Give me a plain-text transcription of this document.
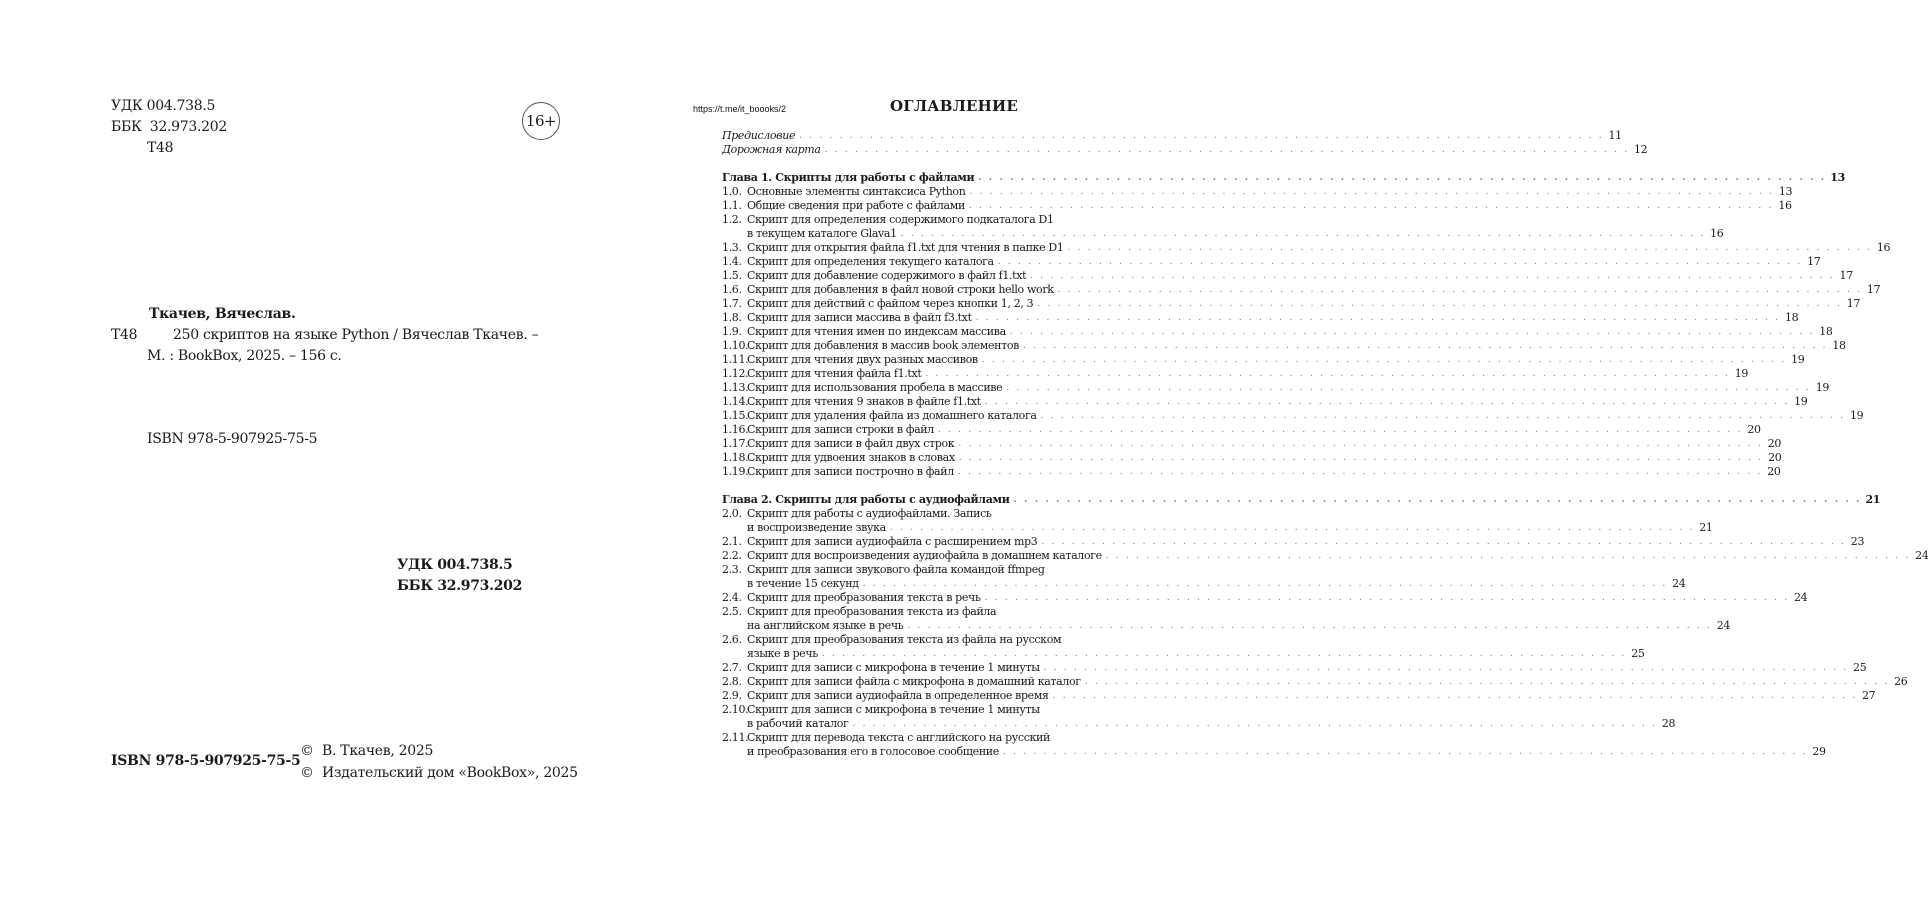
УДК 004.738.5
ББК  32.973.202
Т48
16+
Ткачев, Вячеслав.
Т48	250 скриптов на языке Python / Вячеслав Ткачев. –
М. : BookBox, 2025. – 156 с.
ISBN 978-5-907925-75-5
УДК 004.738.5
ББК 32.973.202
ISBN 978-5-907925-75-5
©  В. Ткачев, 2025
©  Издательский дом «BookBox», 2025
https://t.me/it_boooks/2	ОГЛАВЛЕНИЕ
Предисловие . . . . . . . . . . . . . . . . . . . . . . . . . . . . . . . . . . . . . . . . . . . . . . . . . . . . . . . . . . . . . . . . . . . . . . . . . . . . . . . . 11
Дорожная карта . . . . . . . . . . . . . . . . . . . . . . . . . . . . . . . . . . . . . . . . . . . . . . . . . . . . . . . . . . . . . . . . . . . . . . . . . . . . . . . . 12
Глава 1. Скрипты для работы с файлами . . . . . . . . . . . . . . . . . . . . . . . . . . . . . . . . . . . . . . . . . . . . . . . . . . . . . . . . . . . . . . . . . . . . . . . . . . . . . . . . 13
1.0. Основные элементы синтаксиса Python . . . . . . . . . . . . . . . . . . . . . . . . . . . . . . . . . . . . . . . . . . . . . . . . . . . . . . . . . . . . . . . . . . . . . . . . . . . . . . . . 13
1.1. Общие сведения при работе с файлами . . . . . . . . . . . . . . . . . . . . . . . . . . . . . . . . . . . . . . . . . . . . . . . . . . . . . . . . . . . . . . . . . . . . . . . . . . . . . . . . 16
1.2. Скрипт для определения содержимого подкаталога D1
в текущем каталоге Glava1 . . . . . . . . . . . . . . . . . . . . . . . . . . . . . . . . . . . . . . . . . . . . . . . . . . . . . . . . . . . . . . . . . . . . . . . . . . . . . . . . 16
1.3. Скрипт для открытия файла f1.txt для чтения в папке D1 . . . . . . . . . . . . . . . . . . . . . . . . . . . . . . . . . . . . . . . . . . . . . . . . . . . . . . . . . . . . . . . . . . . . . . . . . . . . . . . . 16
1.4. Скрипт для определения текущего каталога . . . . . . . . . . . . . . . . . . . . . . . . . . . . . . . . . . . . . . . . . . . . . . . . . . . . . . . . . . . . . . . . . . . . . . . . . . . . . . . . 17
1.5. Скрипт для добавление содержимого в файл f1.txt . . . . . . . . . . . . . . . . . . . . . . . . . . . . . . . . . . . . . . . . . . . . . . . . . . . . . . . . . . . . . . . . . . . . . . . . . . . . . . . . 17
1.6. Скрипт для добавления в файл новой строки hello work . . . . . . . . . . . . . . . . . . . . . . . . . . . . . . . . . . . . . . . . . . . . . . . . . . . . . . . . . . . . . . . . . . . . . . . . . . . . . . . . 17
1.7. Скрипт для действий с файлом через кнопки 1, 2, 3 . . . . . . . . . . . . . . . . . . . . . . . . . . . . . . . . . . . . . . . . . . . . . . . . . . . . . . . . . . . . . . . . . . . . . . . . . . . . . . . . 17
1.8. Скрипт для записи массива в файл f3.txt . . . . . . . . . . . . . . . . . . . . . . . . . . . . . . . . . . . . . . . . . . . . . . . . . . . . . . . . . . . . . . . . . . . . . . . . . . . . . . . . 18
1.9. Скрипт для чтения имен по индексам массива . . . . . . . . . . . . . . . . . . . . . . . . . . . . . . . . . . . . . . . . . . . . . . . . . . . . . . . . . . . . . . . . . . . . . . . . . . . . . . . . 18
1.10.
Скрипт для добавления в массив book элементов . . . . . . . . . . . . . . . . . . . . . . . . . . . . . . . . . . . . . . . . . . . . . . . . . . . . . . . . . . . . . . . . . . . . . . . . . . . . . . . . 18
1.11.
Скрипт для чтения двух разных массивов . . . . . . . . . . . . . . . . . . . . . . . . . . . . . . . . . . . . . . . . . . . . . . . . . . . . . . . . . . . . . . . . . . . . . . . . . . . . . . . . 19
1.12.
Скрипт для чтения файла f1.txt . . . . . . . . . . . . . . . . . . . . . . . . . . . . . . . . . . . . . . . . . . . . . . . . . . . . . . . . . . . . . . . . . . . . . . . . . . . . . . . . 19
1.13.
Скрипт для использования пробела в массиве . . . . . . . . . . . . . . . . . . . . . . . . . . . . . . . . . . . . . . . . . . . . . . . . . . . . . . . . . . . . . . . . . . . . . . . . . . . . . . . . 19
1.14.
Скрипт для чтения 9 знаков в файле f1.txt . . . . . . . . . . . . . . . . . . . . . . . . . . . . . . . . . . . . . . . . . . . . . . . . . . . . . . . . . . . . . . . . . . . . . . . . . . . . . . . . 19
1.15.
Скрипт для удаления файла из домашнего каталога . . . . . . . . . . . . . . . . . . . . . . . . . . . . . . . . . . . . . . . . . . . . . . . . . . . . . . . . . . . . . . . . . . . . . . . . . . . . . . . . 19
1.16.
Скрипт для записи строки в файл . . . . . . . . . . . . . . . . . . . . . . . . . . . . . . . . . . . . . . . . . . . . . . . . . . . . . . . . . . . . . . . . . . . . . . . . . . . . . . . . 20
1.17.
Скрипт для записи в файл двух строк . . . . . . . . . . . . . . . . . . . . . . . . . . . . . . . . . . . . . . . . . . . . . . . . . . . . . . . . . . . . . . . . . . . . . . . . . . . . . . . . 20
1.18.
Скрипт для удвоения знаков в словах . . . . . . . . . . . . . . . . . . . . . . . . . . . . . . . . . . . . . . . . . . . . . . . . . . . . . . . . . . . . . . . . . . . . . . . . . . . . . . . . 20
1.19.
Скрипт для записи построчно в файл . . . . . . . . . . . . . . . . . . . . . . . . . . . . . . . . . . . . . . . . . . . . . . . . . . . . . . . . . . . . . . . . . . . . . . . . . . . . . . . . 20
Глава 2. Скрипты для работы с аудиофайлами . . . . . . . . . . . . . . . . . . . . . . . . . . . . . . . . . . . . . . . . . . . . . . . . . . . . . . . . . . . . . . . . . . . . . . . . . . . . . . . . 21
2.0. Скрипт для работы с аудиофайлами. Запись
и воспроизведение звука . . . . . . . . . . . . . . . . . . . . . . . . . . . . . . . . . . . . . . . . . . . . . . . . . . . . . . . . . . . . . . . . . . . . . . . . . . . . . . . . 21
2.1. Скрипт для записи аудиофайла с расширением mp3 . . . . . . . . . . . . . . . . . . . . . . . . . . . . . . . . . . . . . . . . . . . . . . . . . . . . . . . . . . . . . . . . . . . . . . . . . . . . . . . . 23
2.2. Скрипт для воспроизведения аудиофайла в домашнем каталоге . . . . . . . . . . . . . . . . . . . . . . . . . . . . . . . . . . . . . . . . . . . . . . . . . . . . . . . . . . . . . . . . . . . . . . . . . . . . . . . . 24
2.3. Скрипт для записи звукового файла командой ffmpeg
в течение 15 секунд . . . . . . . . . . . . . . . . . . . . . . . . . . . . . . . . . . . . . . . . . . . . . . . . . . . . . . . . . . . . . . . . . . . . . . . . . . . . . . . . 24
2.4. Скрипт для преобразования текста в речь . . . . . . . . . . . . . . . . . . . . . . . . . . . . . . . . . . . . . . . . . . . . . . . . . . . . . . . . . . . . . . . . . . . . . . . . . . . . . . . . 24
2.5. Скрипт для преобразования текста из файла
на английском языке в речь . . . . . . . . . . . . . . . . . . . . . . . . . . . . . . . . . . . . . . . . . . . . . . . . . . . . . . . . . . . . . . . . . . . . . . . . . . . . . . . . 24
2.6. Скрипт для преобразования текста из файла на русском
языке в речь . . . . . . . . . . . . . . . . . . . . . . . . . . . . . . . . . . . . . . . . . . . . . . . . . . . . . . . . . . . . . . . . . . . . . . . . . . . . . . . . 25
2.7. Скрипт для записи с микрофона в течение 1 минуты . . . . . . . . . . . . . . . . . . . . . . . . . . . . . . . . . . . . . . . . . . . . . . . . . . . . . . . . . . . . . . . . . . . . . . . . . . . . . . . . 25
2.8. Скрипт для записи файла с микрофона в домашний каталог . . . . . . . . . . . . . . . . . . . . . . . . . . . . . . . . . . . . . . . . . . . . . . . . . . . . . . . . . . . . . . . . . . . . . . . . . . . . . . . . 26
2.9. Скрипт для записи аудиофайла в определенное время . . . . . . . . . . . . . . . . . . . . . . . . . . . . . . . . . . . . . . . . . . . . . . . . . . . . . . . . . . . . . . . . . . . . . . . . . . . . . . . . 27
2.10.
Скрипт для записи с микрофона в течение 1 минуты
в рабочий каталог . . . . . . . . . . . . . . . . . . . . . . . . . . . . . . . . . . . . . . . . . . . . . . . . . . . . . . . . . . . . . . . . . . . . . . . . . . . . . . . . 28
2.11.
Скрипт для перевода текста с английского на русский
и преобразования его в голосовое сообщение . . . . . . . . . . . . . . . . . . . . . . . . . . . . . . . . . . . . . . . . . . . . . . . . . . . . . . . . . . . . . . . . . . . . . . . . . . . . . . . . 29
